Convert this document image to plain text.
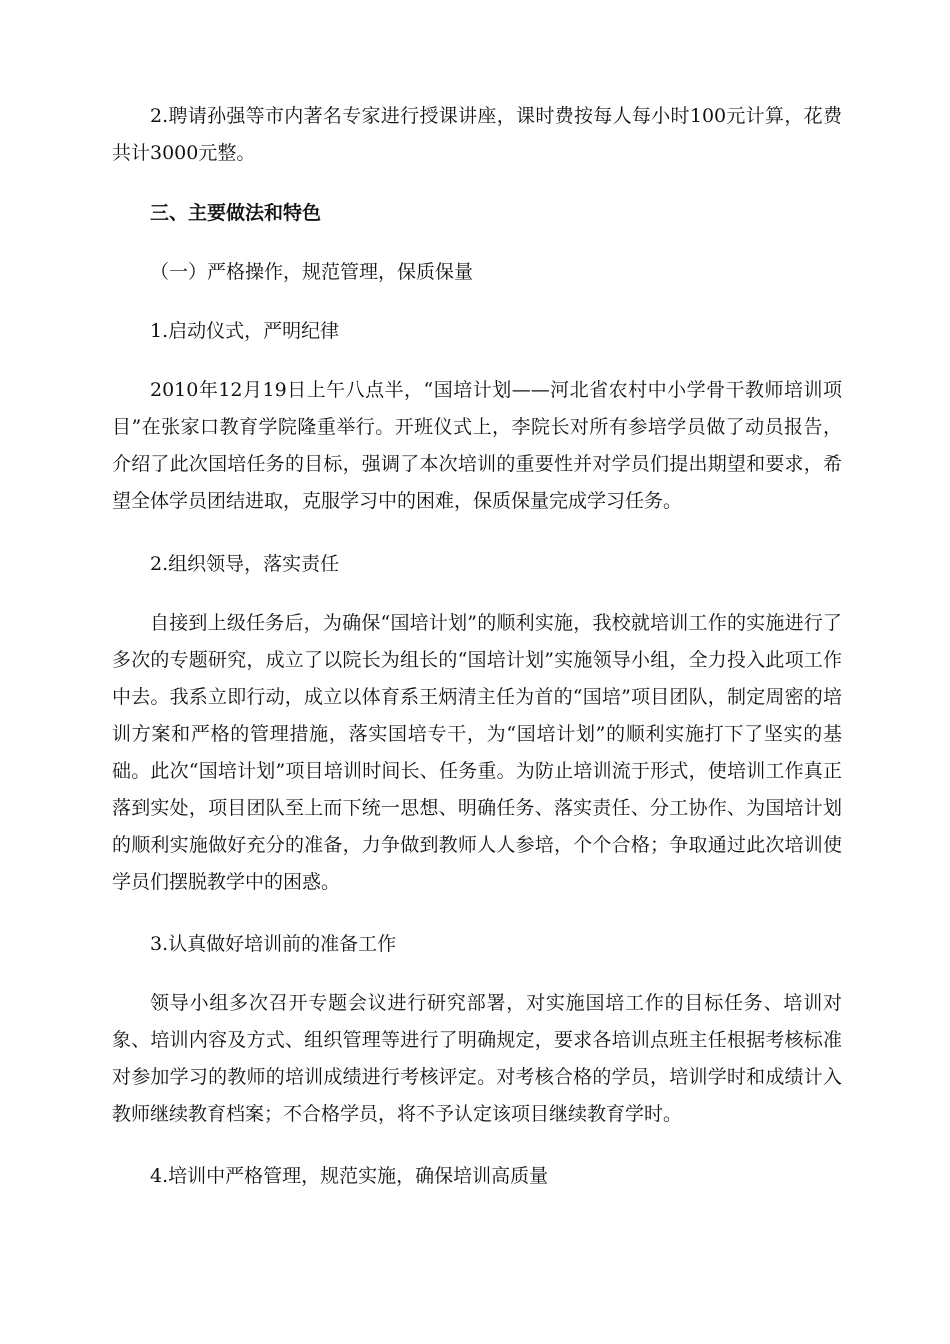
2.聘请孙强等市内著名专家进行授课讲座，课时费按每人每小时100元计算，花费共计3000元整。

三、主要做法和特色

（一）严格操作，规范管理，保质保量

1.启动仪式，严明纪律

2010年12月19日上午八点半，“国培计划——河北省农村中小学骨干教师培训项目”在张家口教育学院隆重举行。开班仪式上，李院长对所有参培学员做了动员报告，介绍了此次国培任务的目标，强调了本次培训的重要性并对学员们提出期望和要求，希望全体学员团结进取，克服学习中的困难，保质保量完成学习任务。

2.组织领导，落实责任

自接到上级任务后，为确保“国培计划”的顺利实施，我校就培训工作的实施进行了多次的专题研究，成立了以院长为组长的“国培计划”实施领导小组，全力投入此项工作中去。我系立即行动，成立以体育系王炳清主任为首的“国培”项目团队，制定周密的培训方案和严格的管理措施，落实国培专干，为“国培计划”的顺利实施打下了坚实的基础。此次“国培计划”项目培训时间长、任务重。为防止培训流于形式，使培训工作真正落到实处，项目团队至上而下统一思想、明确任务、落实责任、分工协作、为国培计划的顺利实施做好充分的准备，力争做到教师人人参培，个个合格；争取通过此次培训使学员们摆脱教学中的困惑。

3.认真做好培训前的准备工作

领导小组多次召开专题会议进行研究部署，对实施国培工作的目标任务、培训对象、培训内容及方式、组织管理等进行了明确规定，要求各培训点班主任根据考核标准对参加学习的教师的培训成绩进行考核评定。对考核合格的学员，培训学时和成绩计入教师继续教育档案；不合格学员，将不予认定该项目继续教育学时。

4.培训中严格管理，规范实施，确保培训高质量
